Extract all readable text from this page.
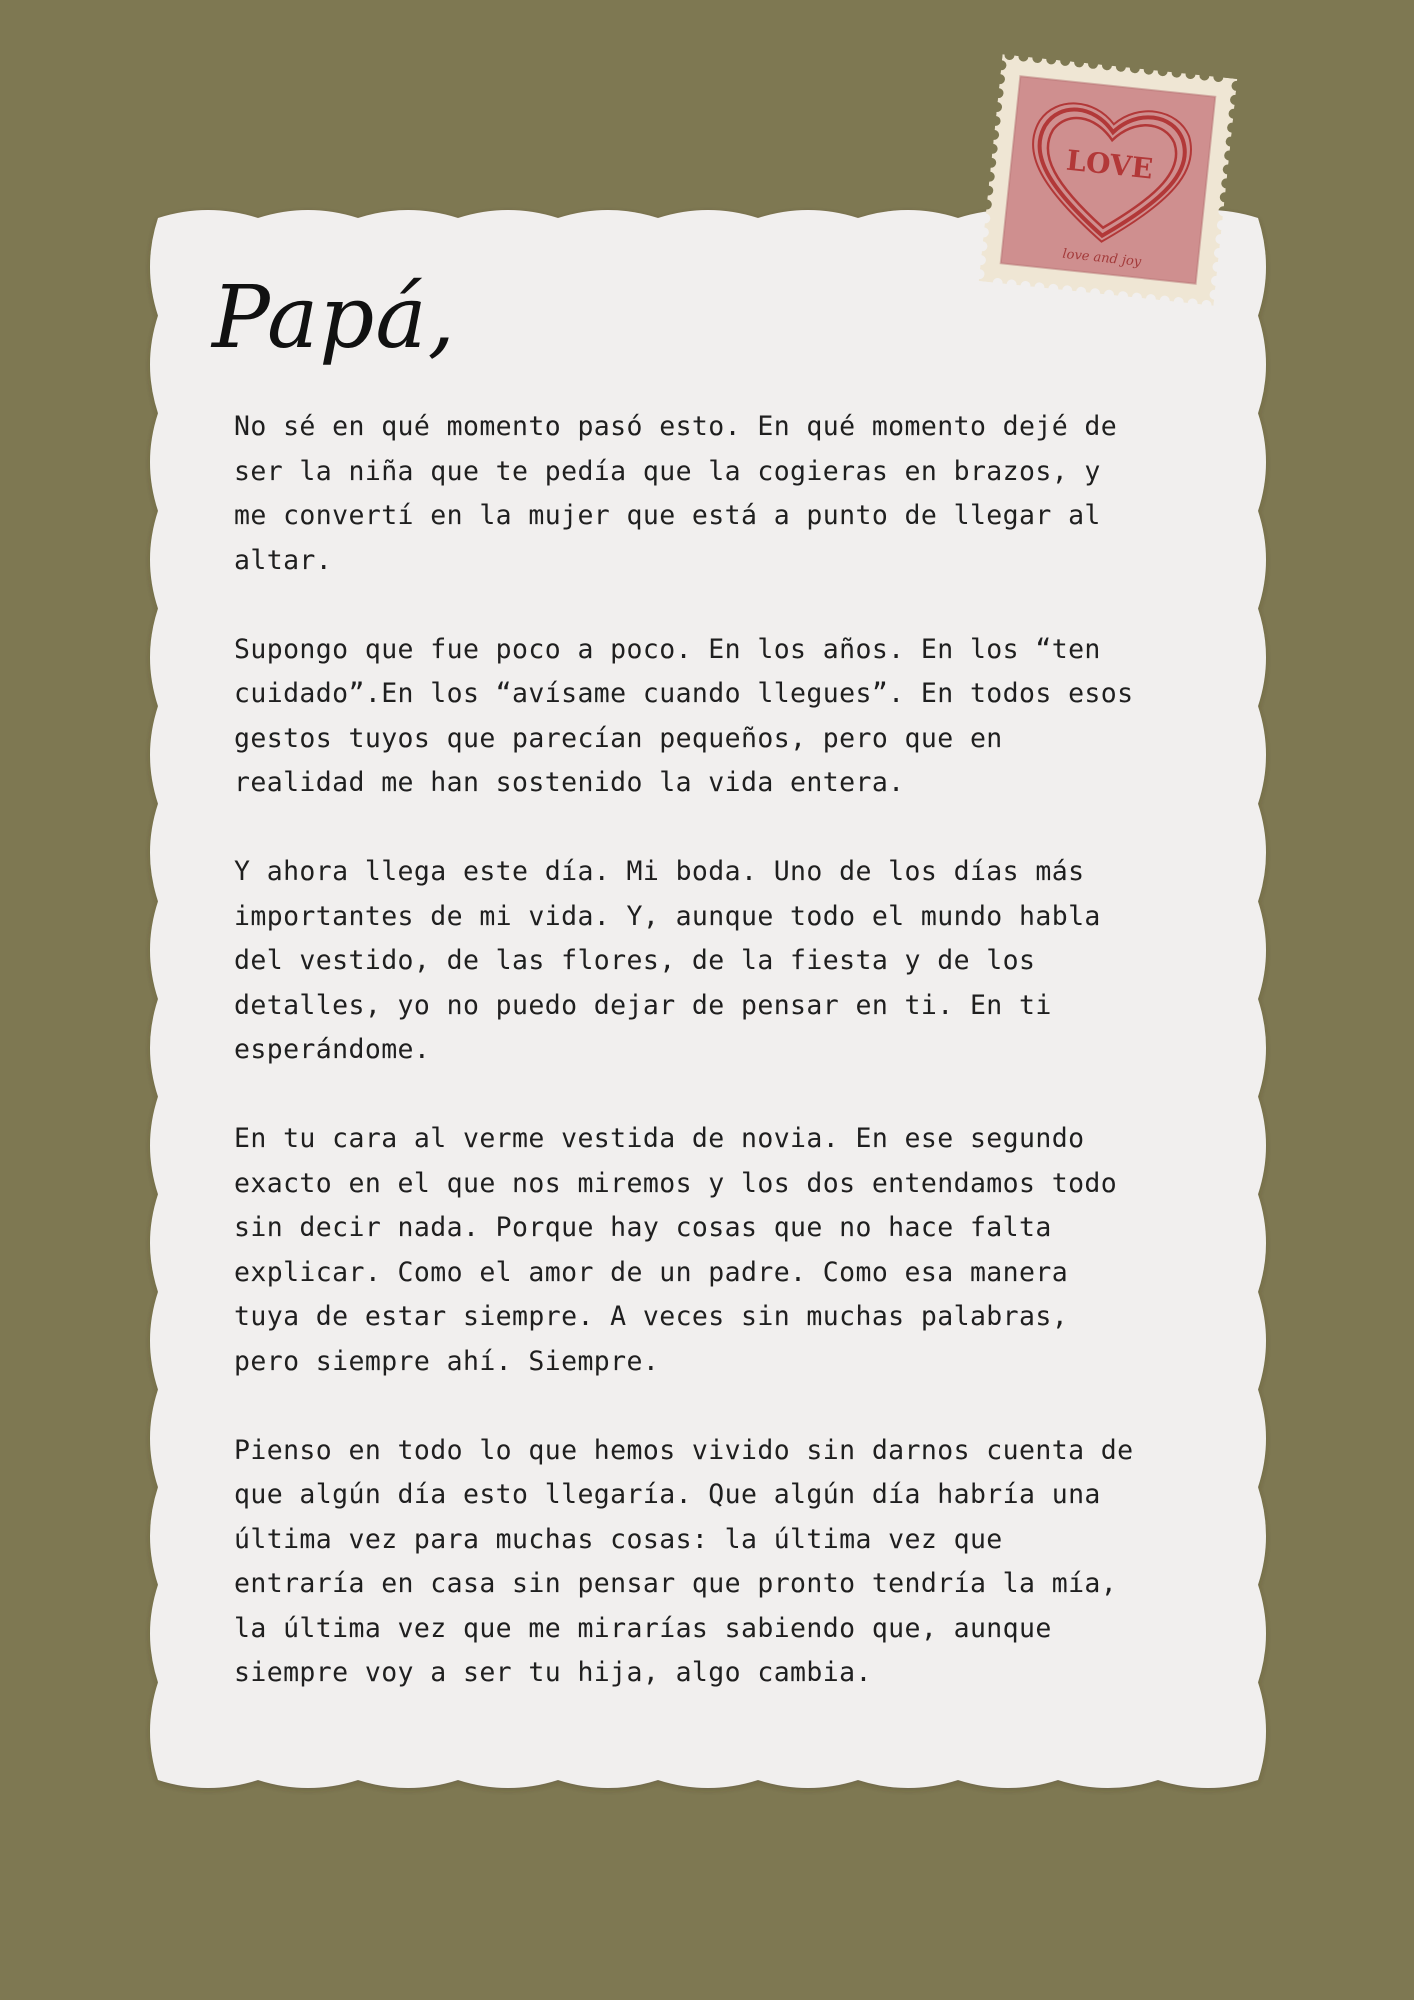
Papá,

No sé en qué momento pasó esto. En qué momento dejé de
ser la niña que te pedía que la cogieras en brazos, y
me convertí en la mujer que está a punto de llegar al
altar.

Supongo que fue poco a poco. En los años. En los “ten
cuidado”.En los “avísame cuando llegues”. En todos esos
gestos tuyos que parecían pequeños, pero que en
realidad me han sostenido la vida entera.

Y ahora llega este día. Mi boda. Uno de los días más
importantes de mi vida. Y, aunque todo el mundo habla
del vestido, de las flores, de la fiesta y de los
detalles, yo no puedo dejar de pensar en ti. En ti
esperándome.

En tu cara al verme vestida de novia. En ese segundo
exacto en el que nos miremos y los dos entendamos todo
sin decir nada. Porque hay cosas que no hace falta
explicar. Como el amor de un padre. Como esa manera
tuya de estar siempre. A veces sin muchas palabras,
pero siempre ahí. Siempre.

Pienso en todo lo que hemos vivido sin darnos cuenta de
que algún día esto llegaría. Que algún día habría una
última vez para muchas cosas: la última vez que
entraría en casa sin pensar que pronto tendría la mía,
la última vez que me mirarías sabiendo que, aunque
siempre voy a ser tu hija, algo cambia.

LOVE
love and joy
